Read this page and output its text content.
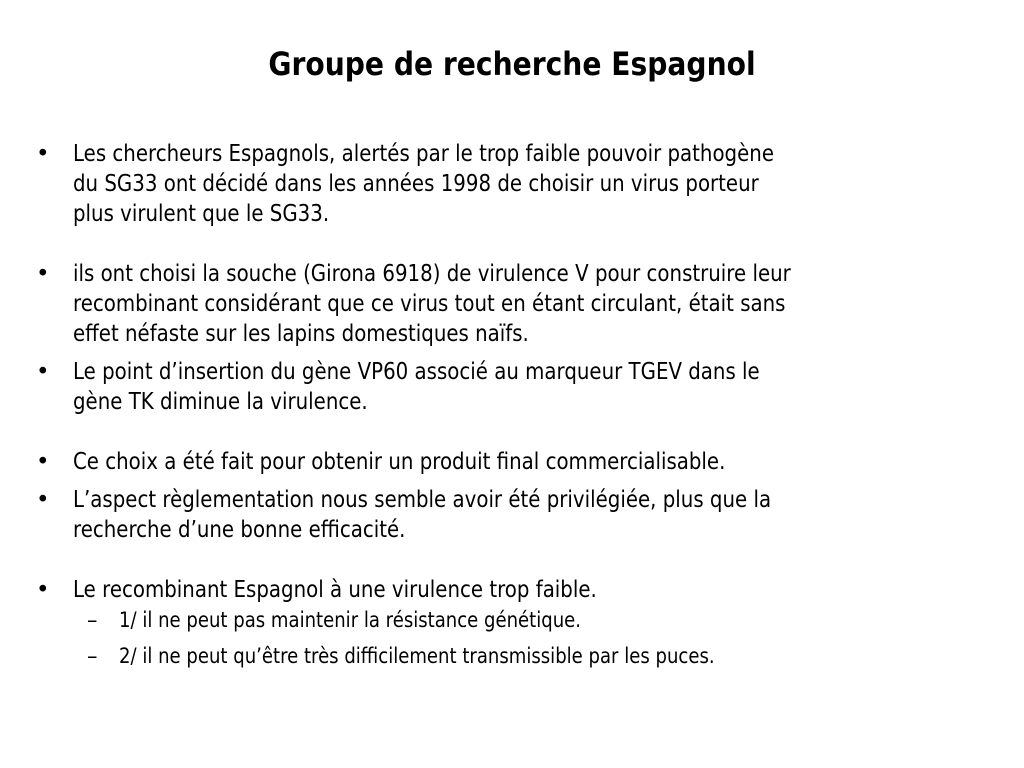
Groupe de recherche Espagnol
• Les chercheurs Espagnols, alertés par le trop faible pouvoir pathogène
du SG33 ont décidé dans les années 1998 de choisir un virus porteur
plus virulent que le SG33.
• ils ont choisi la souche (Girona 6918) de virulence V pour construire leur
recombinant considérant que ce virus tout en étant circulant, était sans
effet néfaste sur les lapins domestiques naïfs.
• Le point d’insertion du gène VP60 associé au marqueur TGEV dans le
gène TK diminue la virulence.
• Ce choix a été fait pour obtenir un produit final commercialisable.
• L’aspect règlementation nous semble avoir été privilégiée, plus que la
recherche d’une bonne efficacité.
• Le recombinant Espagnol à une virulence trop faible.
– 1/ il ne peut pas maintenir la résistance génétique.
– 2/ il ne peut qu’être très difficilement transmissible par les puces.
